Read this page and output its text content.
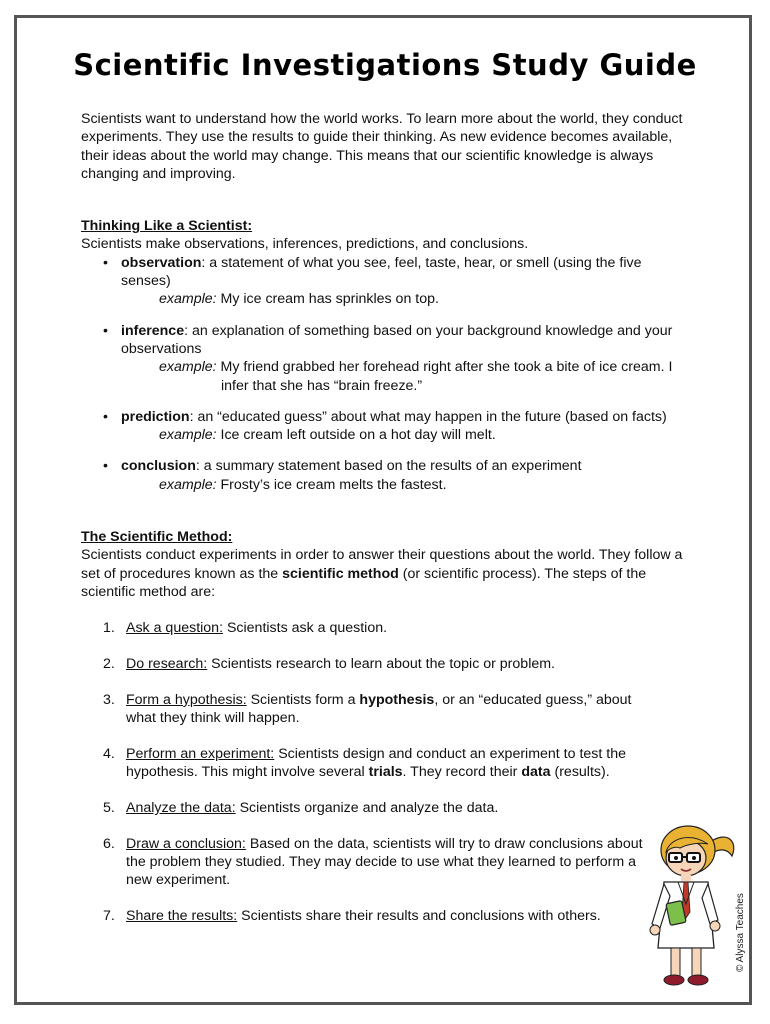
Scientific Investigations Study Guide

Scientists want to understand how the world works. To learn more about the world, they conduct experiments. They use the results to guide their thinking. As new evidence becomes available, their ideas about the world may change. This means that our scientific knowledge is always changing and improving.

Thinking Like a Scientist:

Scientists make observations, inferences, predictions, and conclusions.

• observation: a statement of what you see, feel, taste, hear, or smell (using the five senses)
example: My ice cream has sprinkles on top.
• inference: an explanation of something based on your background knowledge and your observations
example: My friend grabbed her forehead right after she took a bite of ice cream. I infer that she has “brain freeze.”
• prediction: an “educated guess” about what may happen in the future (based on facts)
example: Ice cream left outside on a hot day will melt.
• conclusion: a summary statement based on the results of an experiment
example: Frosty’s ice cream melts the fastest.
The Scientific Method:

Scientists conduct experiments in order to answer their questions about the world. They follow a set of procedures known as the scientific method (or scientific process). The steps of the scientific method are:

1. Ask a question: Scientists ask a question.
2. Do research: Scientists research to learn about the topic or problem.
3. Form a hypothesis: Scientists form a hypothesis, or an “educated guess,” about what they think will happen.
4. Perform an experiment: Scientists design and conduct an experiment to test the hypothesis. This might involve several trials. They record their data (results).
5. Analyze the data: Scientists organize and analyze the data.
6. Draw a conclusion: Based on the data, scientists will try to draw conclusions about the problem they studied. They may decide to use what they learned to perform a new experiment.
7. Share the results: Scientists share their results and conclusions with others.	© Alyssa Teaches
